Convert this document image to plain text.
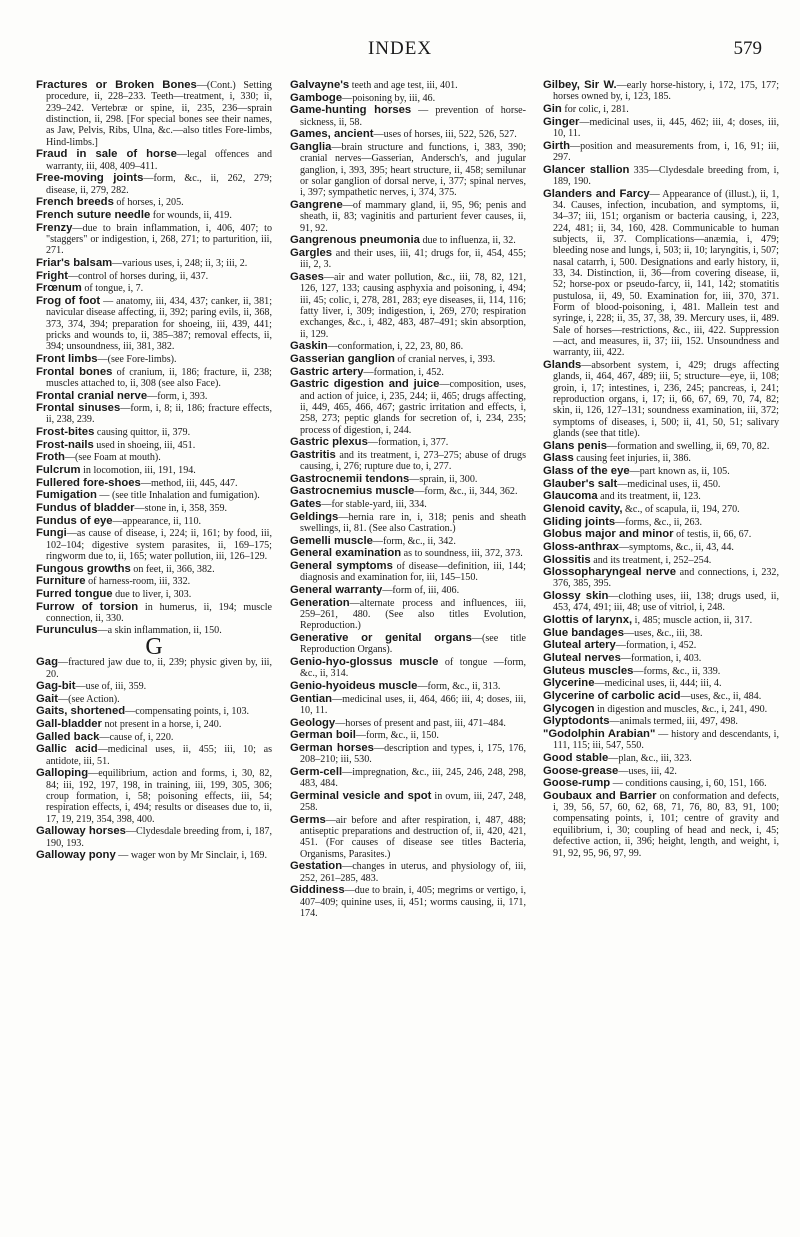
INDEX	579
Fractures or Broken Bones—(Cont.) Setting procedure, ii, 228–233. Teeth—treatment, i, 330; ii, 239–242. Vertebræ or spine, ii, 235, 236—sprain distinction, ii, 298. [For special bones see their names, as Jaw, Pelvis, Ribs, Ulna, &c.—also titles Fore-limbs, Hind-limbs.]
Fraud in sale of horse—legal offences and warranty, iii, 408, 409–411.
Free-moving joints—form, &c., ii, 262, 279; disease, ii, 279, 282.
French breeds of horses, i, 205.
French suture needle for wounds, ii, 419.
Frenzy—due to brain inflammation, i, 406, 407; to "staggers" or indigestion, i, 268, 271; to parturition, iii, 271.
Friar's balsam—various uses, i, 248; ii, 3; iii, 2.
Fright—control of horses during, ii, 437.
Frœnum of tongue, i, 7.
Frog of foot — anatomy, iii, 434, 437; canker, ii, 381; navicular disease affecting, ii, 392; paring evils, ii, 368, 373, 374, 394; preparation for shoeing, iii, 439, 441; pricks and wounds to, ii, 385–387; removal effects, ii, 394; unsoundness, iii, 381, 382.
Front limbs—(see Fore-limbs).
Frontal bones of cranium, ii, 186; fracture, ii, 238; muscles attached to, ii, 308 (see also Face).
Frontal cranial nerve—form, i, 393.
Frontal sinuses—form, i, 8; ii, 186; fracture effects, ii, 238, 239.
Frost-bites causing quittor, ii, 379.
Frost-nails used in shoeing, iii, 451.
Froth—(see Foam at mouth).
Fulcrum in locomotion, iii, 191, 194.
Fullered fore-shoes—method, iii, 445, 447.
Fumigation — (see title Inhalation and fumigation).
Fundus of bladder—stone in, i, 358, 359.
Fundus of eye—appearance, ii, 110.
Fungi—as cause of disease, i, 224; ii, 161; by food, iii, 102–104; digestive system parasites, ii, 169–175; ringworm due to, ii, 165; water pollution, iii, 126–129.
Fungous growths on feet, ii, 366, 382.
Furniture of harness-room, iii, 332.
Furred tongue due to liver, i, 303.
Furrow of torsion in humerus, ii, 194; muscle connection, ii, 330.
Furunculus—a skin inflammation, ii, 150.
G
Gag—fractured jaw due to, ii, 239; physic given by, iii, 20.
Gag-bit—use of, iii, 359.
Gait—(see Action).
Gaits, shortened—compensating points, i, 103.
Gall-bladder not present in a horse, i, 240.
Galled back—cause of, i, 220.
Gallic acid—medicinal uses, ii, 455; iii, 10; as antidote, iii, 51.
Galloping—equilibrium, action and forms, i, 30, 82, 84; iii, 192, 197, 198, in training, iii, 199, 305, 306; croup formation, i, 58; poisoning effects, iii, 54; respiration effects, i, 494; results or diseases due to, ii, 17, 19, 219, 354, 398, 400.
Galloway horses—Clydesdale breeding from, i, 187, 190, 193.
Galloway pony — wager won by Mr Sinclair, i, 169.
Galvayne's teeth and age test, iii, 401.
Gamboge—poisoning by, iii, 46.
Game-hunting horses — prevention of horse-sickness, ii, 58.
Games, ancient—uses of horses, iii, 522, 526, 527.
Ganglia—brain structure and functions, i, 383, 390; cranial nerves—Gasserian, Andersch's, and jugular ganglion, i, 393, 395; heart structure, ii, 458; semilunar or solar ganglion of dorsal nerve, i, 377; spinal nerves, i, 397; sympathetic nerves, i, 374, 375.
Gangrene—of mammary gland, ii, 95, 96; penis and sheath, ii, 83; vaginitis and parturient fever causes, ii, 91, 92.
Gangrenous pneumonia due to influenza, ii, 32.
Gargles and their uses, iii, 41; drugs for, ii, 454, 455; iii, 2, 3.
Gases—air and water pollution, &c., iii, 78, 82, 121, 126, 127, 133; causing asphyxia and poisoning, i, 494; iii, 45; colic, i, 278, 281, 283; eye diseases, ii, 114, 116; fatty liver, i, 309; indigestion, i, 269, 270; respiration exchanges, &c., i, 482, 483, 487–491; skin absorption, ii, 129.
Gaskin—conformation, i, 22, 23, 80, 86.
Gasserian ganglion of cranial nerves, i, 393.
Gastric artery—formation, i, 452.
Gastric digestion and juice—composition, uses, and action of juice, i, 235, 244; ii, 465; drugs affecting, ii, 449, 465, 466, 467; gastric irritation and effects, i, 258, 273; peptic glands for secretion of, i, 234, 235; process of digestion, i, 244.
Gastric plexus—formation, i, 377.
Gastritis and its treatment, i, 273–275; abuse of drugs causing, i, 276; rupture due to, i, 277.
Gastrocnemii tendons—sprain, ii, 300.
Gastrocnemius muscle—form, &c., ii, 344, 362.
Gates—for stable-yard, iii, 334.
Geldings—hernia rare in, i, 318; penis and sheath swellings, ii, 81. (See also Castration.)
Gemelli muscle—form, &c., ii, 342.
General examination as to soundness, iii, 372, 373.
General symptoms of disease—definition, iii, 144; diagnosis and examination for, iii, 145–150.
General warranty—form of, iii, 406.
Generation—alternate process and influences, iii, 259–261, 480. (See also titles Evolution, Reproduction.)
Generative or genital organs—(see title Reproduction Organs).
Genio-hyo-glossus muscle of tongue —form, &c., ii, 314.
Genio-hyoideus muscle—form, &c., ii, 313.
Gentian—medicinal uses, ii, 464, 466; iii, 4; doses, iii, 10, 11.
Geology—horses of present and past, iii, 471–484.
German boil—form, &c., ii, 150.
German horses—description and types, i, 175, 176, 208–210; iii, 530.
Germ-cell—impregnation, &c., iii, 245, 246, 248, 298, 483, 484.
Germinal vesicle and spot in ovum, iii, 247, 248, 258.
Germs—air before and after respiration, i, 487, 488; antiseptic preparations and destruction of, ii, 420, 421, 451. (For causes of disease see titles Bacteria, Organisms, Parasites.)
Gestation—changes in uterus, and physiology of, iii, 252, 261–285, 483.
Giddiness—due to brain, i, 405; megrims or vertigo, i, 407–409; quinine uses, ii, 451; worms causing, ii, 171, 174.
Gilbey, Sir W.—early horse-history, i, 172, 175, 177; horses owned by, i, 123, 185.
Gin for colic, i, 281.
Ginger—medicinal uses, ii, 445, 462; iii, 4; doses, iii, 10, 11.
Girth—position and measurements from, i, 16, 91; iii, 297.
Glancer stallion 335—Clydesdale breeding from, i, 189, 190.
Glanders and Farcy— Appearance of (illust.), ii, 1, 34. Causes, infection, incubation, and symptoms, ii, 34–37; iii, 151; organism or bacteria causing, i, 223, 224, 481; ii, 34, 160, 428. Communicable to human subjects, ii, 37. Complications—anæmia, i, 479; bleeding nose and lungs, i, 503; ii, 10; laryngitis, i, 507; nasal catarrh, i, 500. Designations and early history, ii, 33, 34. Distinction, ii, 36—from covering disease, ii, 52; horse-pox or pseudo-farcy, ii, 141, 142; stomatitis pustulosa, ii, 49, 50. Examination for, iii, 370, 371. Form of blood-poisoning, i, 481. Mallein test and syringe, i, 228; ii, 35, 37, 38, 39. Mercury uses, ii, 489. Sale of horses—restrictions, &c., iii, 422. Suppression—act, and measures, ii, 37; iii, 152. Unsoundness and warranty, iii, 422.
Glands—absorbent system, i, 429; drugs affecting glands, ii, 464, 467, 489; iii, 5; structure—eye, ii, 108; groin, i, 17; intestines, i, 236, 245; pancreas, i, 241; reproduction organs, i, 17; ii, 66, 67, 69, 70, 74, 82; skin, ii, 126, 127–131; soundness examination, iii, 372; symptoms of diseases, i, 500; ii, 41, 50, 51; salivary glands (see that title).
Glans penis—formation and swelling, ii, 69, 70, 82.
Glass causing feet injuries, ii, 386.
Glass of the eye—part known as, ii, 105.
Glauber's salt—medicinal uses, ii, 450.
Glaucoma and its treatment, ii, 123.
Glenoid cavity, &c., of scapula, ii, 194, 270.
Gliding joints—forms, &c., ii, 263.
Globus major and minor of testis, ii, 66, 67.
Gloss-anthrax—symptoms, &c., ii, 43, 44.
Glossitis and its treatment, i, 252–254.
Glossopharyngeal nerve and connections, i, 232, 376, 385, 395.
Glossy skin—clothing uses, iii, 138; drugs used, ii, 453, 474, 491; iii, 48; use of vitriol, i, 248.
Glottis of larynx, i, 485; muscle action, ii, 317.
Glue bandages—uses, &c., iii, 38.
Gluteal artery—formation, i, 452.
Gluteal nerves—formation, i, 403.
Gluteus muscles—forms, &c., ii, 339.
Glycerine—medicinal uses, ii, 444; iii, 4.
Glycerine of carbolic acid—uses, &c., ii, 484.
Glycogen in digestion and muscles, &c., i, 241, 490.
Glyptodonts—animals termed, iii, 497, 498.
"Godolphin Arabian" — history and descendants, i, 111, 115; iii, 547, 550.
Good stable—plan, &c., iii, 323.
Goose-grease—uses, iii, 42.
Goose-rump — conditions causing, i, 60, 151, 166.
Goubaux and Barrier on conformation and defects, i, 39, 56, 57, 60, 62, 68, 71, 76, 80, 83, 91, 100; compensating points, i, 101; centre of gravity and equilibrium, i, 30; coupling of head and neck, i, 45; defective action, ii, 396; height, length, and weight, i, 91, 92, 95, 96, 97, 99.
